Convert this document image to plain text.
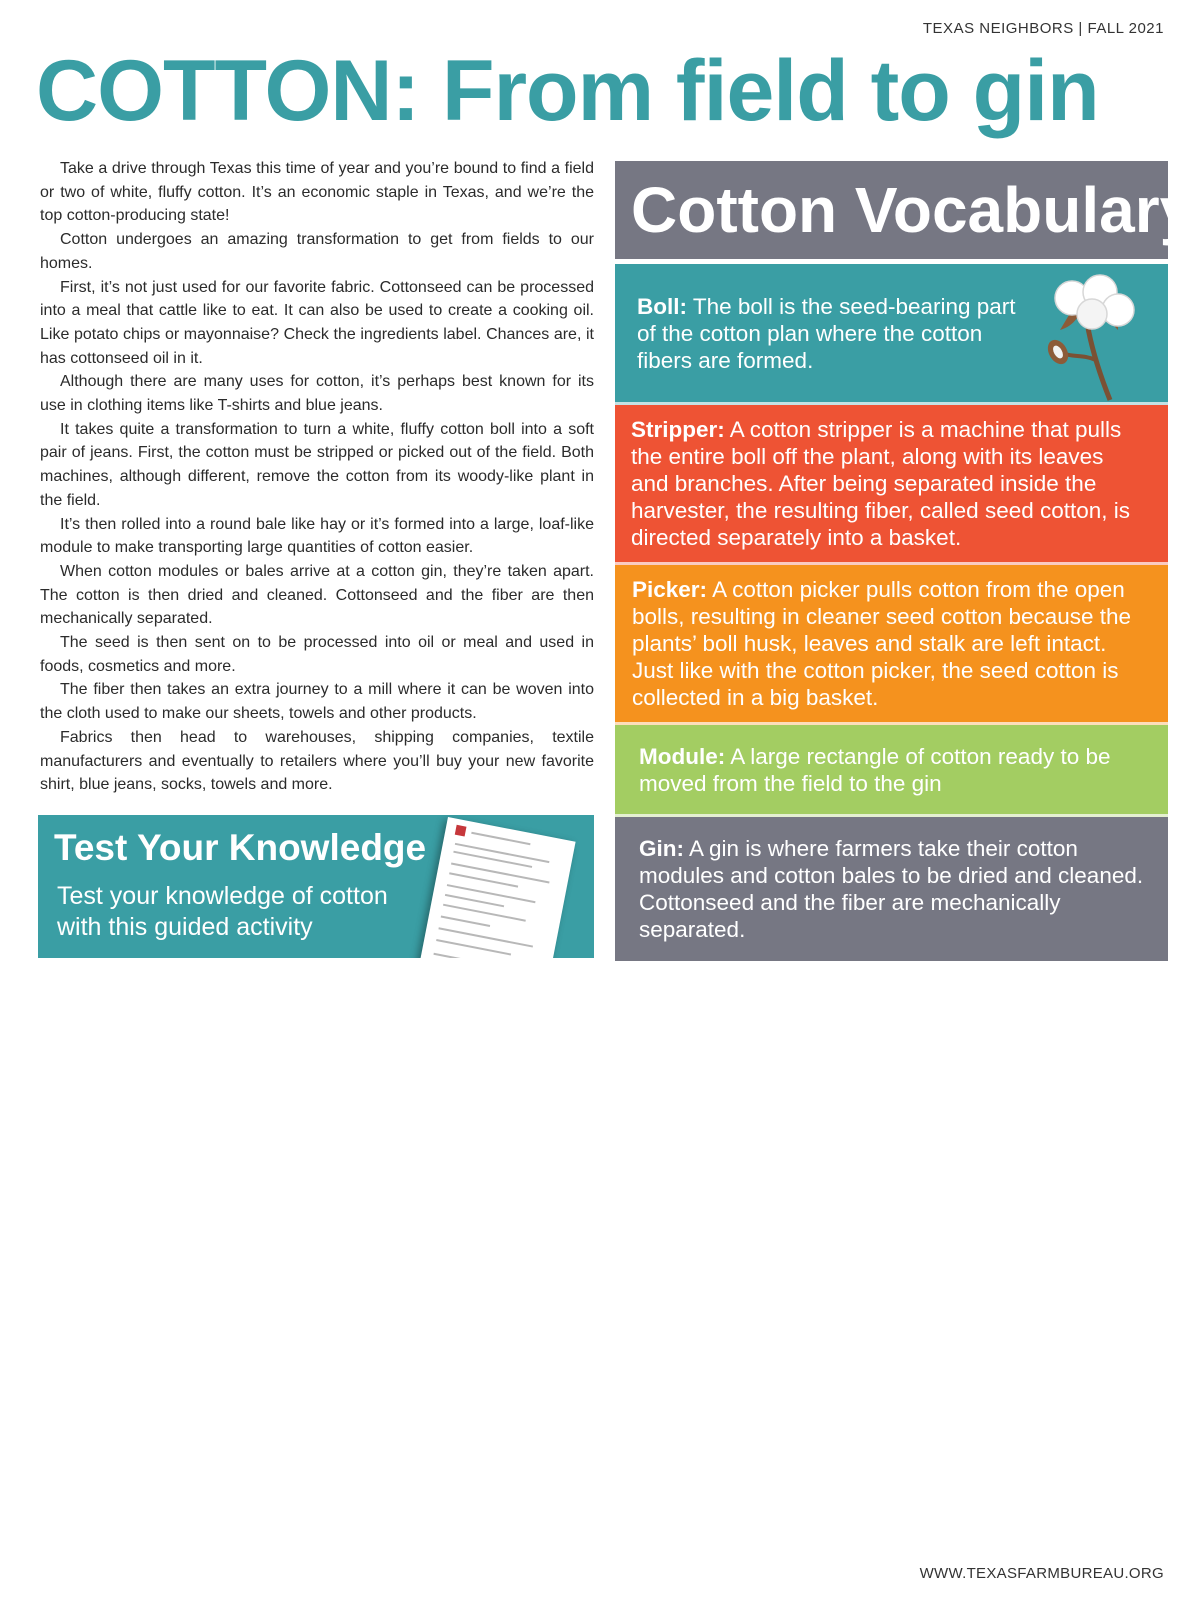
TEXAS NEIGHBORS | FALL 2021
COTTON: From field to gin

Take a drive through Texas this time of year and you’re bound to find a field or two of white, fluffy cotton. It’s an economic staple in Texas, and we’re the top cotton-producing state!

Cotton undergoes an amazing transformation to get from fields to our homes.

First, it’s not just used for our favorite fabric. Cottonseed can be processed into a meal that cattle like to eat. It can also be used to create a cooking oil. Like potato chips or mayonnaise? Check the ingredients label. Chances are, it has cottonseed oil in it.

Although there are many uses for cotton, it’s perhaps best known for its use in clothing items like T-shirts and blue jeans.

It takes quite a transformation to turn a white, fluffy cotton boll into a soft pair of jeans. First, the cotton must be stripped or picked out of the field. Both machines, although different, remove the cotton from its woody-like plant in the field.

It’s then rolled into a round bale like hay or it’s formed into a large, loaf-like module to make transporting large quantities of cotton easier.

When cotton modules or bales arrive at a cotton gin, they’re taken apart. The cotton is then dried and cleaned. Cottonseed and the fiber are then mechanically separated.

The seed is then sent on to be processed into oil or meal and used in foods, cosmetics and more.

The fiber then takes an extra journey to a mill where it can be woven into the cloth used to make our sheets, towels and other products.

Fabrics then head to warehouses, shipping companies, textile manufacturers and eventually to retailers where you’ll buy your new favorite shirt, blue jeans, socks, towels and more.

Test Your Knowledge
Test your knowledge of cotton with this guided activity
Cotton Vocabulary
Boll: The boll is the seed-bearing part of the cotton plan where the cotton fibers are formed.
Stripper: A cotton stripper is a machine that pulls the entire boll off the plant, along with its leaves and branches. After being separated inside the harvester, the resulting fiber, called seed cotton, is directed separately into a basket.
Picker: A cotton picker pulls cotton from the open bolls, resulting in cleaner seed cotton because the plants’ boll husk, leaves and stalk are left intact. Just like with the cotton picker, the seed cotton is collected in a big basket.
Module: A large rectangle of cotton ready to be moved from the field to the gin
Gin: A gin is where farmers take their cotton modules and cotton bales to be dried and cleaned. Cottonseed and the fiber are mechanically separated.
WWW.TEXASFARMBUREAU.ORG
